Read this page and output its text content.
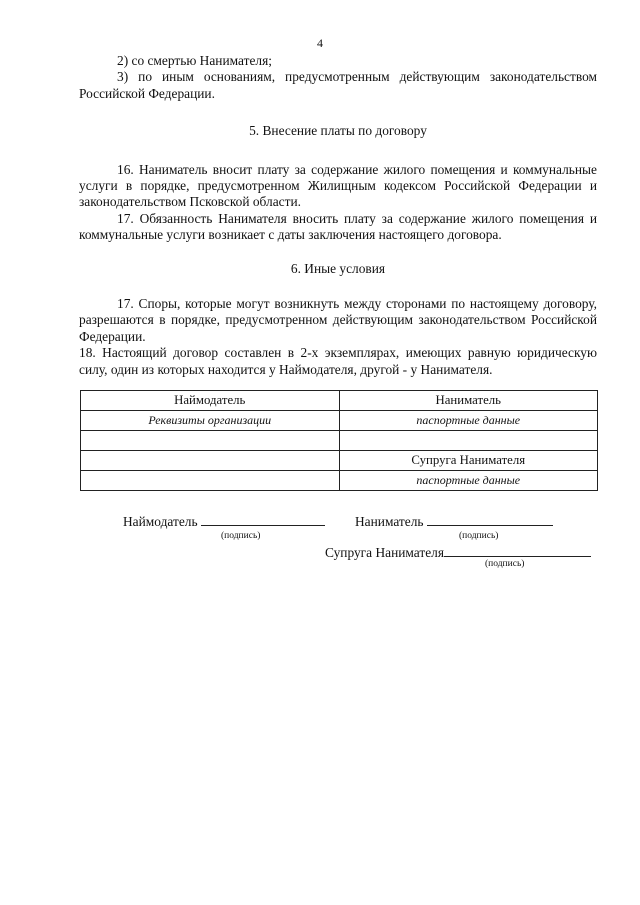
4

2) со смертью Нанимателя;

3) по иным основаниям, предусмотренным действующим законодательством Российской Федерации.

5. Внесение платы по договору

16. Наниматель вносит плату за содержание жилого помещения и коммунальные услуги в порядке, предусмотренном Жилищным кодексом Российской Федерации и законодательством Псковской области.

17. Обязанность Нанимателя вносить плату за содержание жилого помещения и коммунальные услуги возникает с даты заключения настоящего договора.

6. Иные условия

17. Споры, которые могут возникнуть между сторонами по настоящему договору, разрешаются в порядке, предусмотренном действующим законодательством Российской Федерации.

18. Настоящий договор составлен в 2-х экземплярах, имеющих равную юридическую силу, один из которых находится у Наймодателя, другой - у Нанимателя.

Наймодатель	Наниматель
Реквизиты организации	паспортные данные

	Супруга Нанимателя
	паспортные данные
Наймодатель
(подпись)
Наниматель
(подпись)
Супруга Нанимателя
(подпись)
